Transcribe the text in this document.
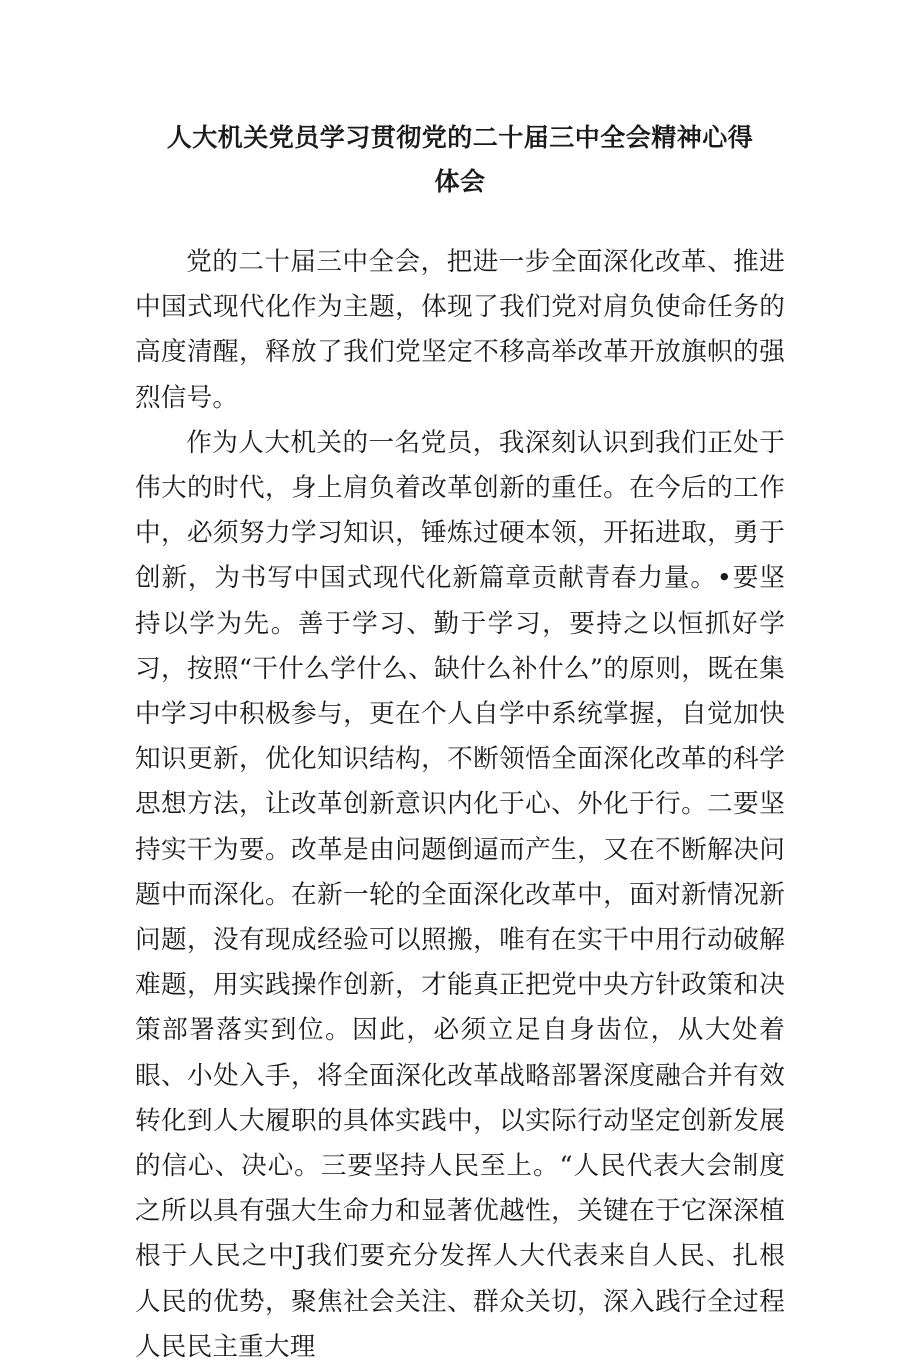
人大机关党员学习贯彻党的二十届三中全会精神心得
体会

党的二十届三中全会，把进一步全面深化改革、推进中国式现代化作为主题，体现了我们党对肩负使命任务的高度清醒，释放了我们党坚定不移高举改革开放旗帜的强烈信号。

作为人大机关的一名党员，我深刻认识到我们正处于伟大的时代，身上肩负着改革创新的重任。在今后的工作中，必须努力学习知识，锤炼过硬本领，开拓进取，勇于创新，为书写中国式现代化新篇章贡献青春力量。•要坚持以学为先。善于学习、勤于学习，要持之以恒抓好学习，按照“干什么学什么、缺什么补什么”的原则，既在集中学习中积极参与，更在个人自学中系统掌握，自觉加快知识更新，优化知识结构，不断领悟全面深化改革的科学思想方法，让改革创新意识内化于心、外化于行。二要坚持实干为要。改革是由问题倒逼而产生，又在不断解决问题中而深化。在新一轮的全面深化改革中，面对新情况新问题，没有现成经验可以照搬，唯有在实干中用行动破解难题，用实践操作创新，才能真正把党中央方针政策和决策部署落实到位。因此，必须立足自身齿位，从大处着眼、小处入手，将全面深化改革战略部署深度融合并有效转化到人大履职的具体实践中，以实际行动坚定创新发展的信心、决心。三要坚持人民至上。“人民代表大会制度之所以具有强大生命力和显著优越性，关键在于它深深植根于人民之中J我们要充分发挥人大代表来自人民、扎根人民的优势，聚焦社会关注、群众关切，深入践行全过程人民民主重大理
